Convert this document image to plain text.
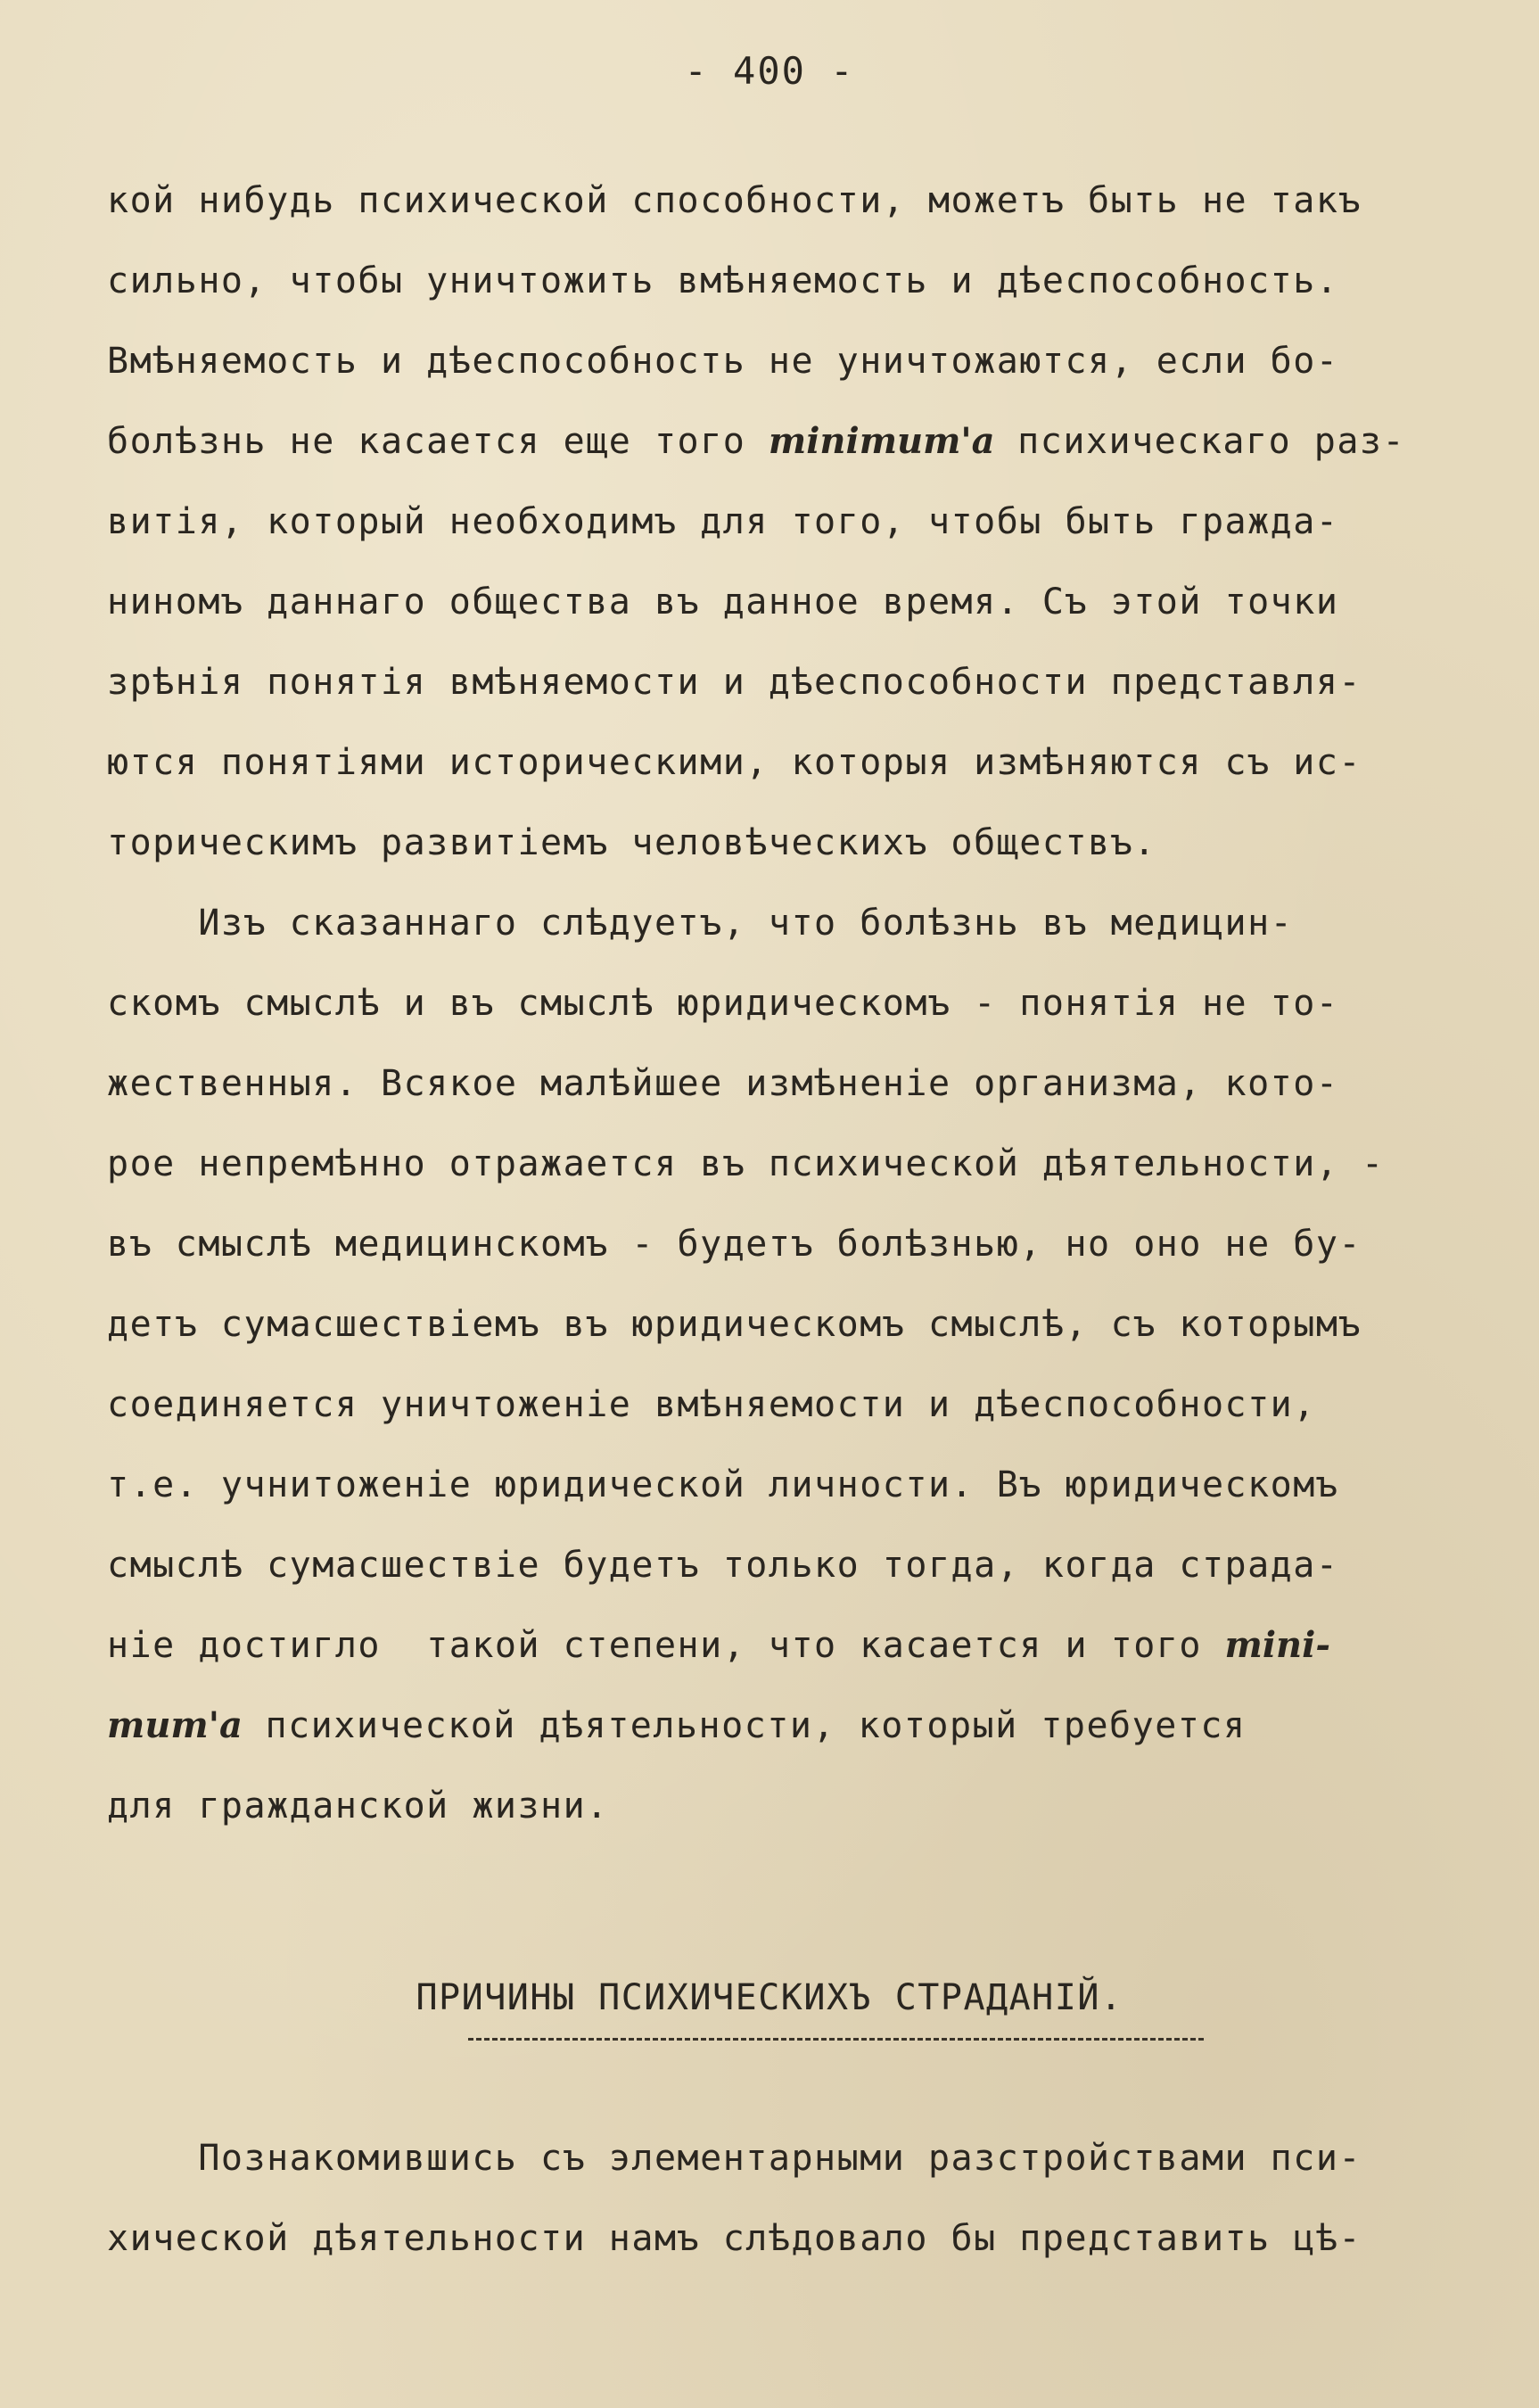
- 400 -
кой нибудь психической способности, можетъ быть не такъ
сильно, чтобы уничтожить вмѣняемость и дѣеспособность.
Вмѣняемость и дѣеспособность не уничтожаются, если бо-
болѣзнь не касается еще того minimum'a психическаго раз-
витія, который необходимъ для того, чтобы быть гражда-
ниномъ даннаго общества въ данное время. Съ этой точки
зрѣнія понятія вмѣняемости и дѣеспособности представля-
ются понятіями историческими, которыя измѣняются съ ис-
торическимъ развитіемъ человѣческихъ обществъ.
Изъ сказаннаго слѣдуетъ, что болѣзнь въ медицин-
скомъ смыслѣ и въ смыслѣ юридическомъ - понятія не то-
жественныя. Всякое малѣйшее измѣненіе организма, кото-
рое непремѣнно отражается въ психической дѣятельности, -
въ смыслѣ медицинскомъ - будетъ болѣзнью, но оно не бу-
детъ сумасшествіемъ въ юридическомъ смыслѣ, съ которымъ
соединяется уничтоженіе вмѣняемости и дѣеспособности,
т.е. учнитоженіе юридической личности. Въ юридическомъ
смыслѣ сумасшествіе будетъ только тогда, когда страда-
ніе достигло  такой степени, что касается и того mini-
mum'a психической дѣятельности, который требуется
для гражданской жизни.
ПРИЧИНЫ ПСИХИЧЕСКИХЪ СТРАДАНІЙ.
Познакомившись съ элементарными разстройствами пси-
хической дѣятельности намъ слѣдовало бы представить цѣ-
